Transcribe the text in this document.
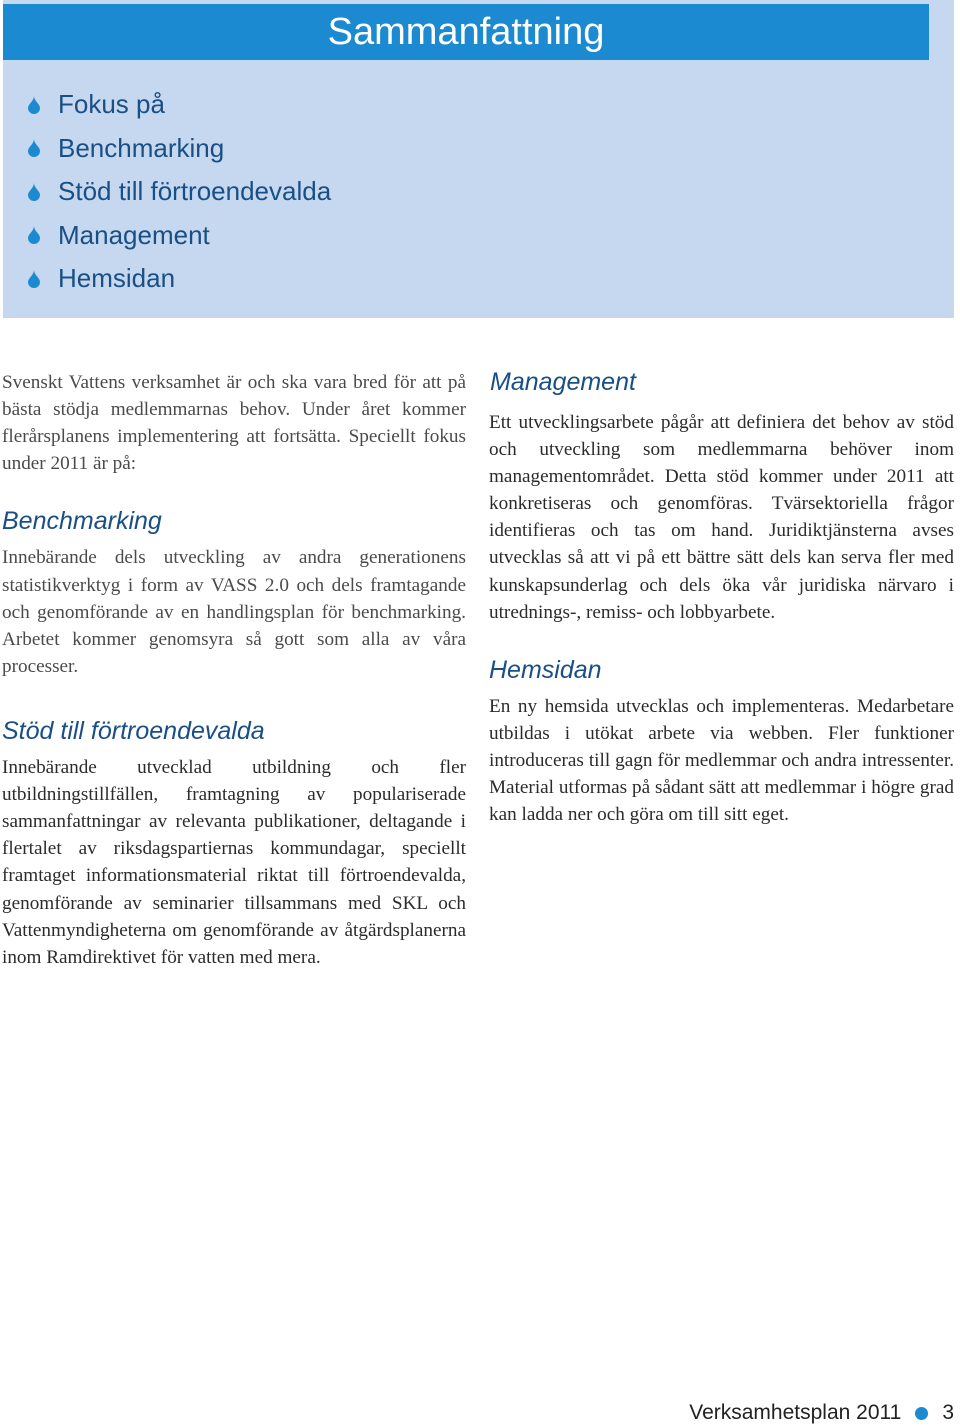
Sammanfattning
Fokus på
Benchmarking
Stöd till förtroendevalda
Management
Hemsidan

Svenskt Vattens verksamhet är och ska vara bred för att på bästa stödja medlemmarnas behov. Under året kommer flerårsplanens implementering att fortsätta. Speciellt fokus under 2011 är på:

Benchmarking

Innebärande dels utveckling av andra generationens statistikverktyg i form av VASS 2.0 och dels framtagande och genomförande av en handlingsplan för benchmarking. Arbetet kommer genomsyra så gott som alla av våra processer.

Stöd till förtroendevalda

Innebärande utvecklad utbildning och fler utbildningstillfällen, framtagning av populariserade sammanfattningar av relevanta publikationer, deltagande i flertalet av riksdagspartiernas kommundagar, speciellt framtaget informationsmaterial riktat till förtroendevalda, genomförande av seminarier tillsammans med SKL och Vattenmyndigheterna om genomförande av åtgärdsplanerna inom Ramdirektivet för vatten med mera.

Management

Ett utvecklingsarbete pågår att definiera det behov av stöd och utveckling som medlemmarna behöver inom managementområdet. Detta stöd kommer under 2011 att konkretiseras och genomföras. Tvärsektoriella frågor identifieras och tas om hand. Juridiktjänsterna avses utvecklas så att vi på ett bättre sätt dels kan serva fler med kunskapsunderlag och dels öka vår juridiska närvaro i utrednings-, remiss- och lobbyarbete.

Hemsidan

En ny hemsida utvecklas och implementeras. Medarbetare utbildas i utökat arbete via webben. Fler funktioner introduceras till gagn för medlemmar och andra intressenter. Material utformas på sådant sätt att medlemmar i högre grad kan ladda ner och göra om till sitt eget.

Verksamhetsplan 2011 3
